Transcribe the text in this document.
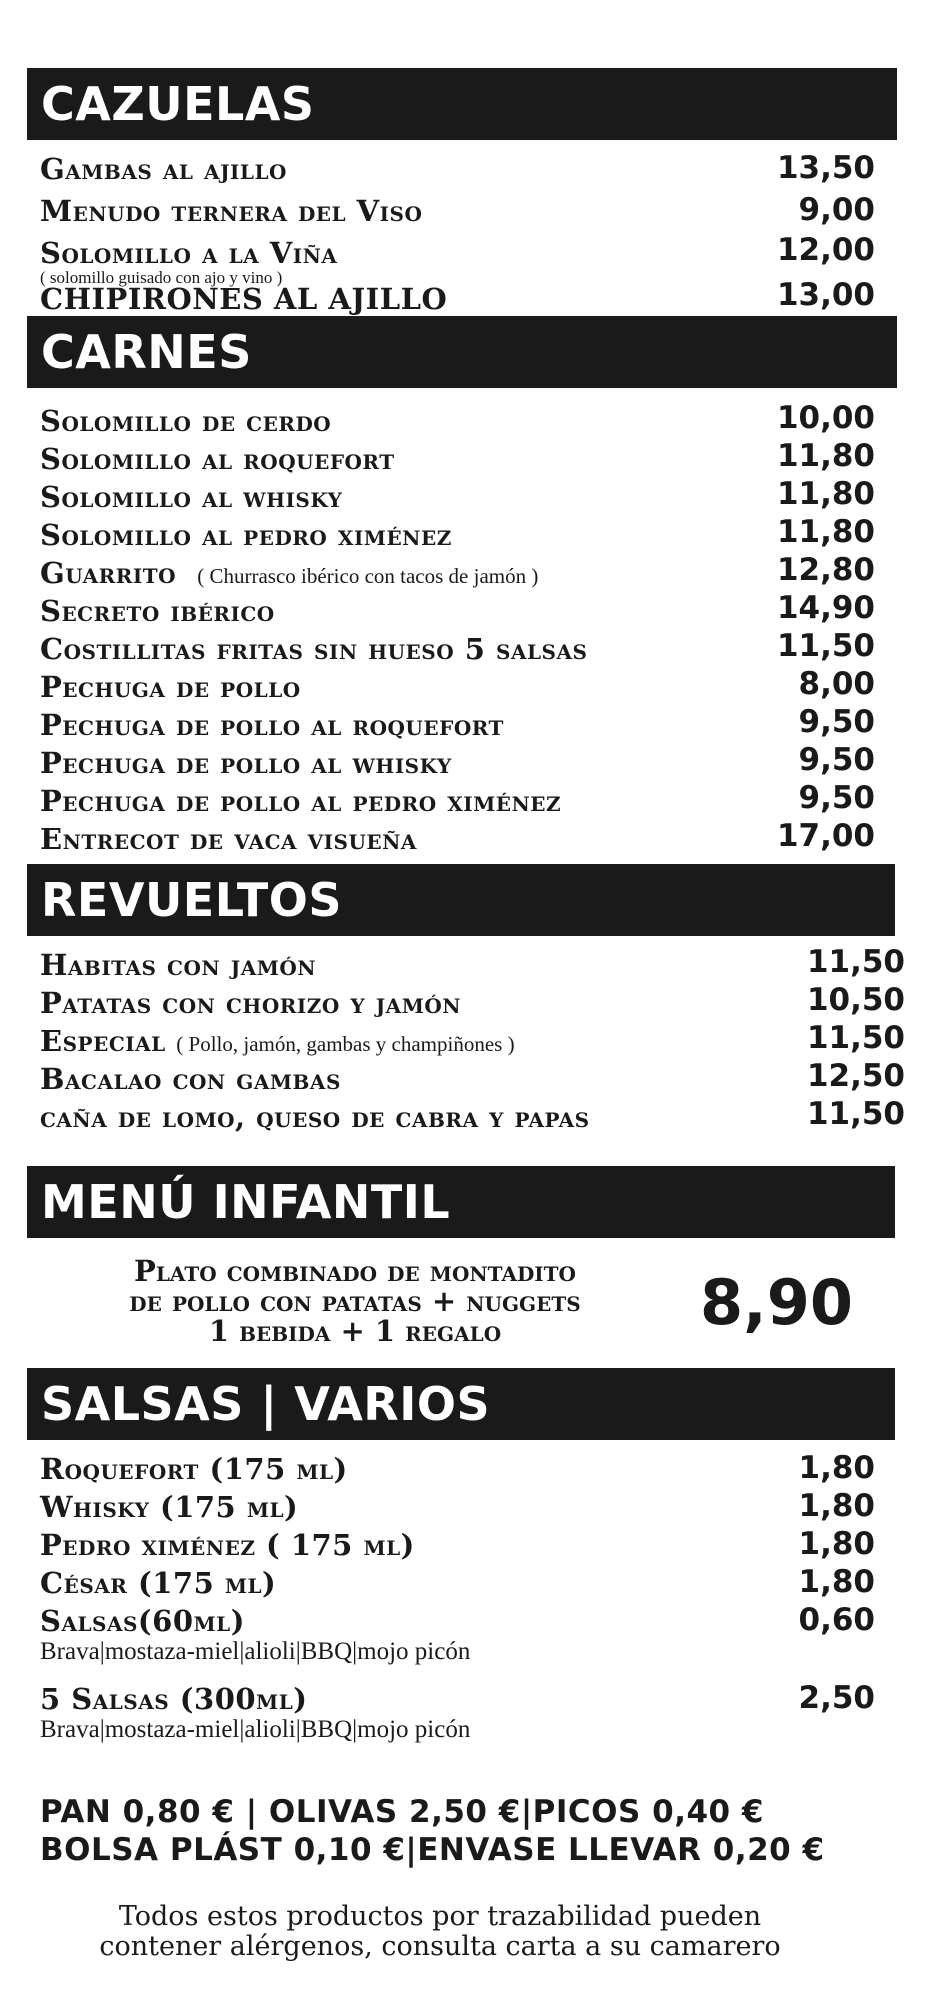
CAZUELAS
Gambas al ajillo	13,50
Menudo ternera del Viso	9,00
Solomillo a la Viña	12,00
( solomillo guisado con ajo y vino )
CHIPIRONES AL AJILLO	13,00
CARNES
Solomillo de cerdo	10,00
Solomillo al roquefort	11,80
Solomillo al whisky	11,80
Solomillo al pedro ximénez	11,80
Guarrito ( Churrasco ibérico con tacos de jamón )	12,80
Secreto ibérico	14,90
Costillitas fritas sin hueso 5 salsas	11,50
Pechuga de pollo	8,00
Pechuga de pollo al roquefort	9,50
Pechuga de pollo al whisky	9,50
Pechuga de pollo al pedro ximénez	9,50
Entrecot de vaca visueña	17,00
REVUELTOS
Habitas con jamón	11,50
Patatas con chorizo y jamón	10,50
Especial ( Pollo, jamón, gambas y champiñones )	11,50
Bacalao con gambas	12,50
caña de lomo, queso de cabra y papas	11,50
MENÚ INFANTIL
Plato combinado de montadito
de pollo con patatas + nuggets
1 bebida + 1 regalo	8,90
SALSAS | VARIOS
Roquefort (175 ml)	1,80
Whisky (175 ml)	1,80
Pedro ximénez ( 175 ml)	1,80
César (175 ml)	1,80
Salsas(60ml)	0,60
Brava|mostaza-miel|alioli|BBQ|mojo picón
5 Salsas (300ml)	2,50
Brava|mostaza-miel|alioli|BBQ|mojo picón
PAN 0,80 € | OLIVAS 2,50 €|PICOS 0,40 €
BOLSA PLÁST 0,10 €|ENVASE LLEVAR 0,20 €
Todos estos productos por trazabilidad pueden
contener alérgenos, consulta carta a su camarero
